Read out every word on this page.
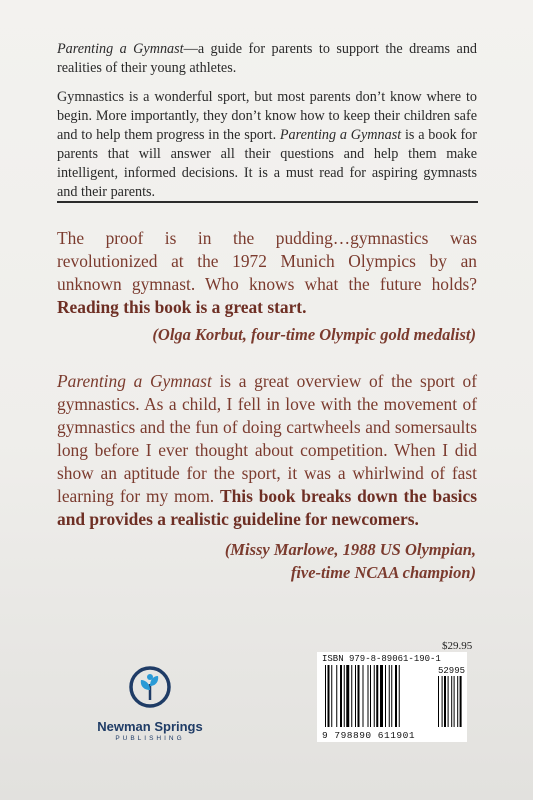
Parenting a Gymnast—a guide for parents to support the dreams and realities of their young athletes.

Gymnastics is a wonderful sport, but most parents don’t know where to begin. More importantly, they don’t know how to keep their children safe and to help them progress in the sport. Parenting a Gymnast is a book for parents that will answer all their questions and help them make intelligent, informed decisions. It is a must read for aspiring gymnasts and their parents.

The proof is in the pudding…gymnastics was revolutionized at the 1972 Munich Olympics by an unknown gymnast. Who knows what the future holds? Reading this book is a great start.
(Olga Korbut, four-time Olympic gold medalist)
Parenting a Gymnast is a great overview of the sport of gymnastics. As a child, I fell in love with the movement of gymnastics and the fun of doing cartwheels and somersaults long before I ever thought about competition. When I did show an aptitude for the sport, it was a whirlwind of fast learning for my mom. This book breaks down the basics and provides a realistic guideline for newcomers.
(Missy Marlowe, 1988 US Olympian,
five-time NCAA champion)
Newman Springs
PUBLISHING
$29.95
ISBN 979-8-89061-190-1
52995
9 798890 611901
